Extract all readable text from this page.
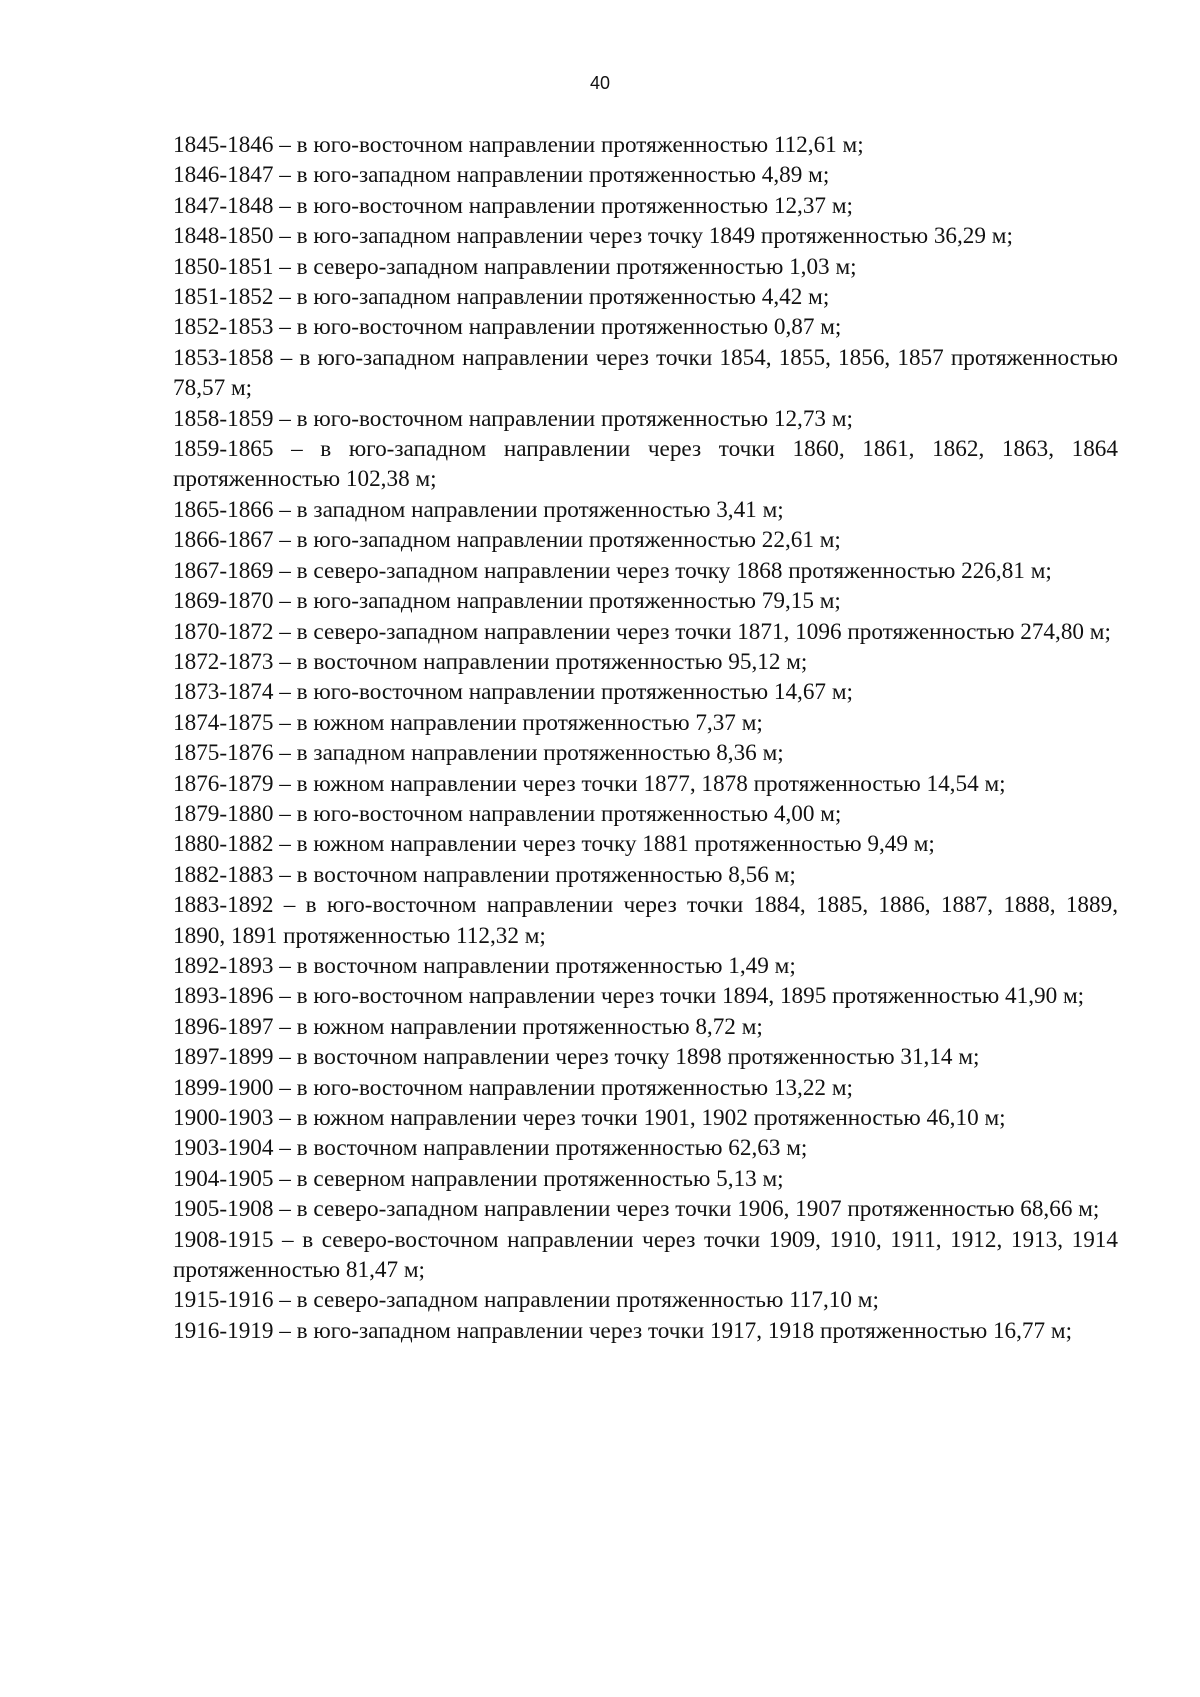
40

1845-1846 – в юго-восточном направлении протяженностью 112,61 м;

1846-1847 – в юго-западном направлении протяженностью 4,89 м;

1847-1848 – в юго-восточном направлении протяженностью 12,37 м;

1848-1850 – в юго-западном направлении через точку 1849 протяженностью 36,29 м;

1850-1851 – в северо-западном направлении протяженностью 1,03 м;

1851-1852 – в юго-западном направлении протяженностью 4,42 м;

1852-1853 – в юго-восточном направлении протяженностью 0,87 м;

1853-1858 – в юго-западном направлении через точки 1854, 1855, 1856, 1857 протяженностью 78,57 м;

1858-1859 – в юго-восточном направлении протяженностью 12,73 м;

1859-1865 – в юго-западном направлении через точки 1860, 1861, 1862, 1863, 1864 протяженностью 102,38 м;

1865-1866 – в западном направлении протяженностью 3,41 м;

1866-1867 – в юго-западном направлении протяженностью 22,61 м;

1867-1869 – в северо-западном направлении через точку 1868 протяженностью 226,81 м;

1869-1870 – в юго-западном направлении протяженностью 79,15 м;

1870-1872 – в северо-западном направлении через точки 1871, 1096 протяженностью 274,80 м;

1872-1873 – в восточном направлении протяженностью 95,12 м;

1873-1874 – в юго-восточном направлении протяженностью 14,67 м;

1874-1875 – в южном направлении протяженностью 7,37 м;

1875-1876 – в западном направлении протяженностью 8,36 м;

1876-1879 – в южном направлении через точки 1877, 1878 протяженностью 14,54 м;

1879-1880 – в юго-восточном направлении протяженностью 4,00 м;

1880-1882 – в южном направлении через точку 1881 протяженностью 9,49 м;

1882-1883 – в восточном направлении протяженностью 8,56 м;

1883-1892 – в юго-восточном направлении через точки 1884, 1885, 1886, 1887, 1888, 1889, 1890, 1891 протяженностью 112,32 м;

1892-1893 – в восточном направлении протяженностью 1,49 м;

1893-1896 – в юго-восточном направлении через точки 1894, 1895 протяженностью 41,90 м;

1896-1897 – в южном направлении протяженностью 8,72 м;

1897-1899 – в восточном направлении через точку 1898 протяженностью 31,14 м;

1899-1900 – в юго-восточном направлении протяженностью 13,22 м;

1900-1903 – в южном направлении через точки 1901, 1902 протяженностью 46,10 м;

1903-1904 – в восточном направлении протяженностью 62,63 м;

1904-1905 – в северном направлении протяженностью 5,13 м;

1905-1908 – в северо-западном направлении через точки 1906, 1907 протяженностью 68,66 м;

1908-1915 – в северо-восточном направлении через точки 1909, 1910, 1911, 1912, 1913, 1914 протяженностью 81,47 м;

1915-1916 – в северо-западном направлении протяженностью 117,10 м;

1916-1919 – в юго-западном направлении через точки 1917, 1918 протяженностью 16,77 м;
